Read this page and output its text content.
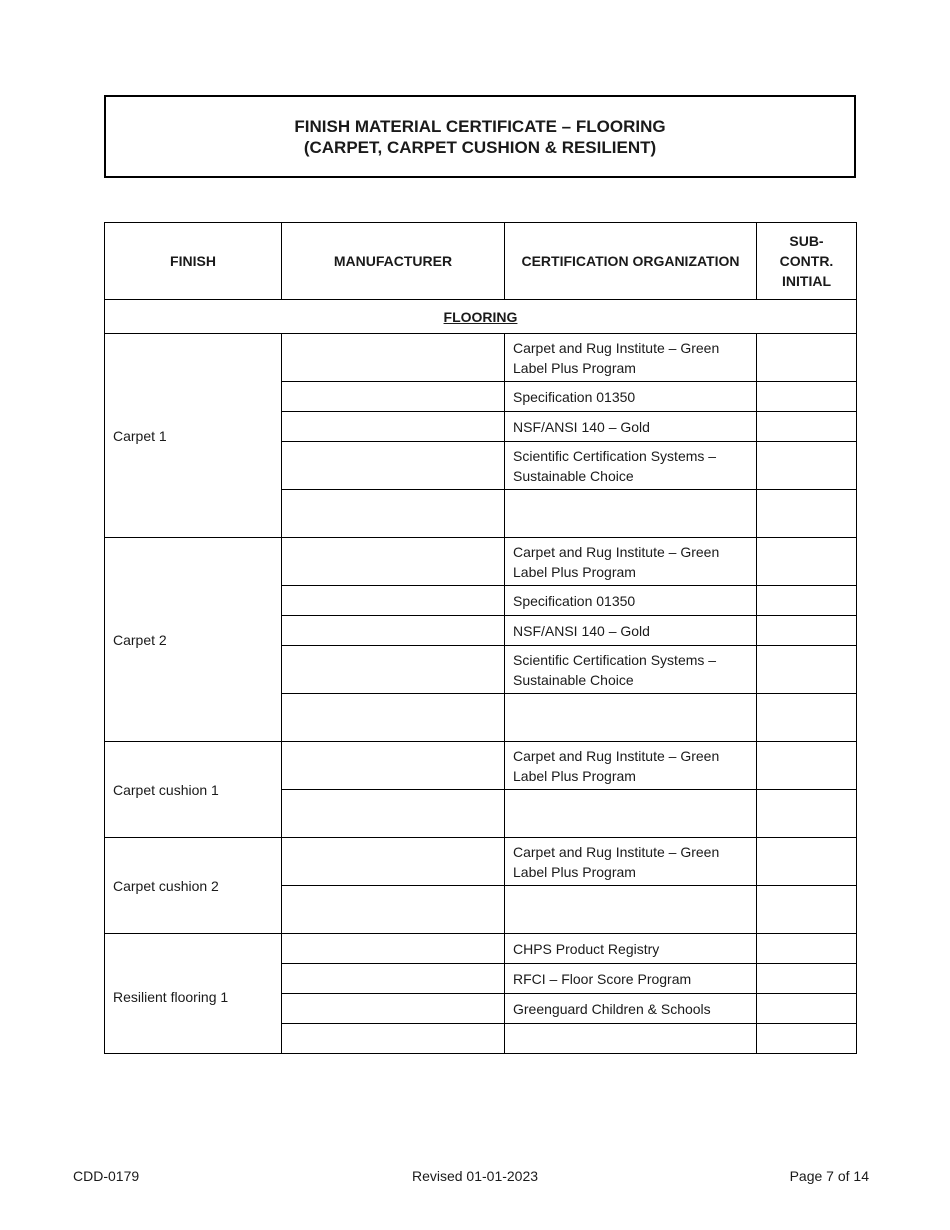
FINISH MATERIAL CERTIFICATE – FLOORING
(CARPET, CARPET CUSHION & RESILIENT)
FINISH	MANUFACTURER	CERTIFICATION ORGANIZATION	SUB- CONTR.
INITIAL
FLOORING			
Carpet 1		Carpet and Rug Institute – Green Label Plus Program	
		Specification 01350	
		NSF/ANSI 140 – Gold	
		Scientific Certification Systems – Sustainable Choice	

Carpet 2		Carpet and Rug Institute – Green Label Plus Program	
		Specification 01350	
		NSF/ANSI 140 – Gold	
		Scientific Certification Systems – Sustainable Choice	

Carpet cushion 1		Carpet and Rug Institute – Green Label Plus Program	

Carpet cushion 2		Carpet and Rug Institute – Green Label Plus Program	

Resilient flooring 1		CHPS Product Registry	
		RFCI – Floor Score Program	
		Greenguard Children & Schools	

CDD-0179	Revised 01-01-2023	Page 7 of 14
